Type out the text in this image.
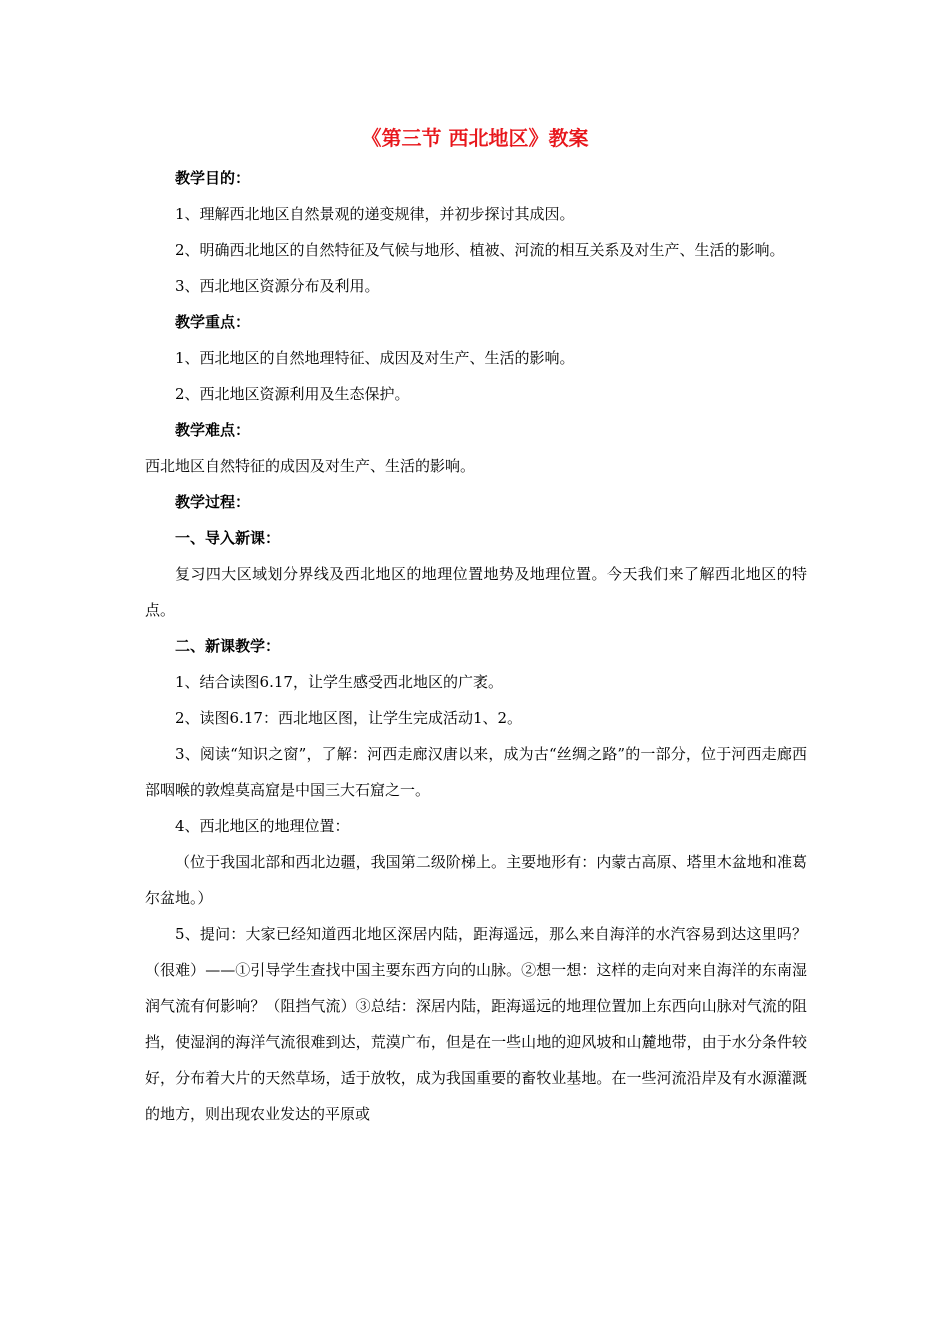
《第三节 西北地区》教案

教学目的：

1、理解西北地区自然景观的递变规律，并初步探讨其成因。

2、明确西北地区的自然特征及气候与地形、植被、河流的相互关系及对生产、生活的影响。

3、西北地区资源分布及利用。

教学重点：

1、西北地区的自然地理特征、成因及对生产、生活的影响。

2、西北地区资源利用及生态保护。

教学难点：

西北地区自然特征的成因及对生产、生活的影响。

教学过程：

一、导入新课：

复习四大区域划分界线及西北地区的地理位置地势及地理位置。今天我们来了解西北地区的特点。

二、新课教学：

1、结合读图6.17，让学生感受西北地区的广袤。

2、读图6.17：西北地区图，让学生完成活动1、2。

3、阅读“知识之窗”，了解：河西走廊汉唐以来，成为古“丝绸之路”的一部分，位于河西走廊西部咽喉的敦煌莫高窟是中国三大石窟之一。

4、西北地区的地理位置：

（位于我国北部和西北边疆，我国第二级阶梯上。主要地形有：内蒙古高原、塔里木盆地和准葛尔盆地。）

5、提问：大家已经知道西北地区深居内陆，距海遥远，那么来自海洋的水汽容易到达这里吗？（很难）——①引导学生查找中国主要东西方向的山脉。②想一想：这样的走向对来自海洋的东南湿润气流有何影响？（阻挡气流）③总结：深居内陆，距海遥远的地理位置加上东西向山脉对气流的阻挡，使湿润的海洋气流很难到达，荒漠广布，但是在一些山地的迎风坡和山麓地带，由于水分条件较好，分布着大片的天然草场，适于放牧，成为我国重要的畜牧业基地。在一些河流沿岸及有水源灌溉的地方，则出现农业发达的平原或
